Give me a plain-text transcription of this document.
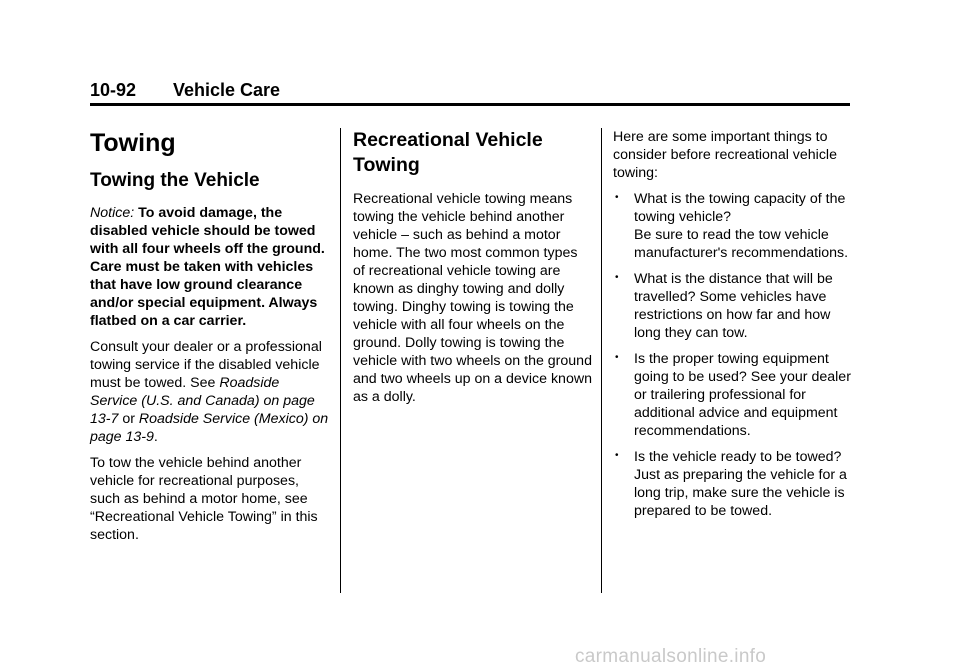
10-92 Vehicle Care
Towing
Towing the Vehicle

Notice: To avoid damage, the disabled vehicle should be towed with all four wheels off the ground. Care must be taken with vehicles that have low ground clearance and/or special equipment. Always flatbed on a car carrier.

Consult your dealer or a professional towing service if the disabled vehicle must be towed. See Roadside Service (U.S. and Canada) on page 13-7 or Roadside Service (Mexico) on page 13-9.

To tow the vehicle behind another vehicle for recreational purposes, such as behind a motor home, see “Recreational Vehicle Towing” in this section.

Recreational Vehicle
Towing

Recreational vehicle towing means towing the vehicle behind another vehicle – such as behind a motor home. The two most common types of recreational vehicle towing are known as dinghy towing and dolly towing. Dinghy towing is towing the vehicle with all four wheels on the ground. Dolly towing is towing the vehicle with two wheels on the ground and two wheels up on a device known as a dolly.

Here are some important things to consider before recreational vehicle towing:

• What is the towing capacity of the towing vehicle?
Be sure to read the tow vehicle manufacturer's recommendations.
• What is the distance that will be travelled? Some vehicles have restrictions on how far and how long they can tow.
• Is the proper towing equipment going to be used? See your dealer or trailering professional for additional advice and equipment recommendations.
• Is the vehicle ready to be towed? Just as preparing the vehicle for a long trip, make sure the vehicle is prepared to be towed.
carmanualsonline.info
